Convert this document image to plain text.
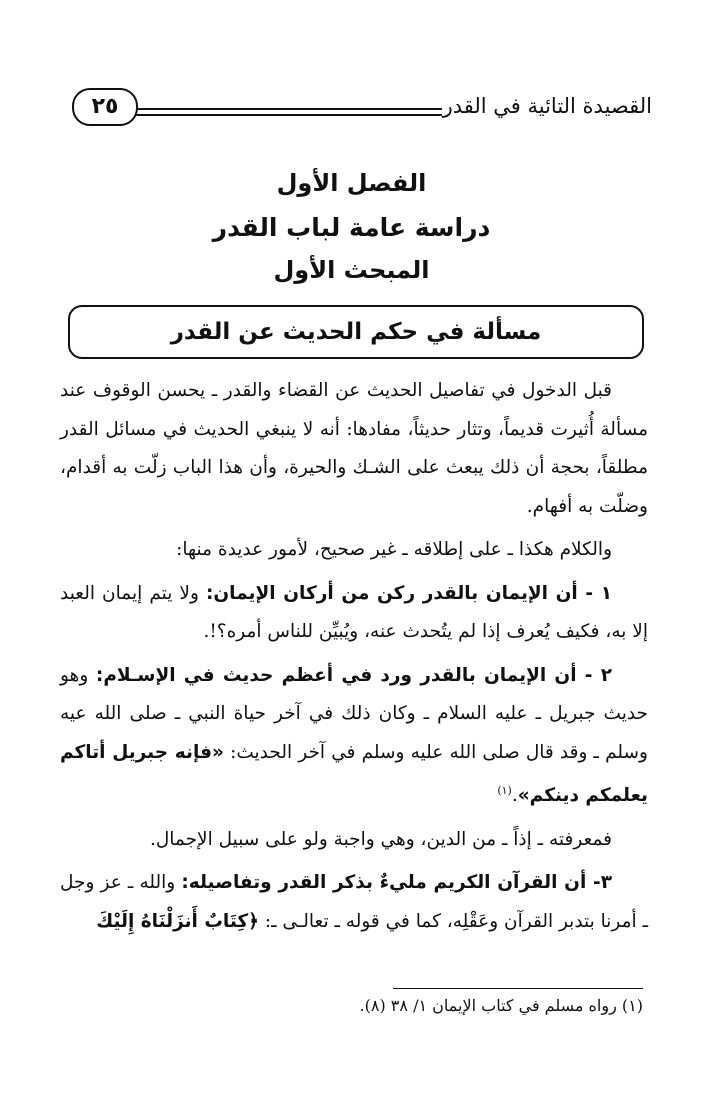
القصيدة التائية في القدر
٢٥
الفصل الأول
دراسة عامة لباب القدر
المبحث الأول
مسألة في حكم الحديث عن القدر

قبل الدخول في تفاصيل الحديث عن القضاء والقدر ـ يحسن الوقوف عند مسألة أُثيرت قديماً، وتثار حديثاً، مفادها: أنه لا ينبغي الحديث في مسائل القدر مطلقاً، بحجة أن ذلك يبعث على الشـك والحيرة، وأن هذا الباب زلّت به أقدام، وضلّت به أفهام.

والكلام هكذا ـ على إطلاقه ـ غير صحيح، لأمور عديدة منها:

١ - أن الإيمان بالقدر ركن من أركان الإيمان: ولا يتم إيمان العبد إلا به، فكيف يُعرف إذا لم يتُحدث عنه، ويُبيِّن للناس أمره؟!.

٢ - أن الإيمان بالقدر ورد في أعظم حديث في الإسـلام: وهو حديث جبريل ـ عليه السلام ـ وكان ذلك في آخر حياة النبي ـ صلى الله عيه وسلم ـ وقد قال صلى الله عليه وسلم في آخر الحديث: «فإنه جبريل أتاكم يعلمكم دينكم».$^{(١)}$

فمعرفته ـ إذاً ـ من الدين، وهي واجبة ولو على سبيل الإجمال.

٣- أن القرآن الكريم مليءٌ بذكر القدر وتفاصيله: والله ـ عز وجل ـ أمرنا بتدبر القرآن وعَقْلِه، كما في قوله ـ تعالـى ـ: ﴿كِتَابٌ أَنزَلْنَاهُ إِلَيْكَ

(١) رواه مسلم في كتاب الإيمان ١/ ٣٨ (٨).
